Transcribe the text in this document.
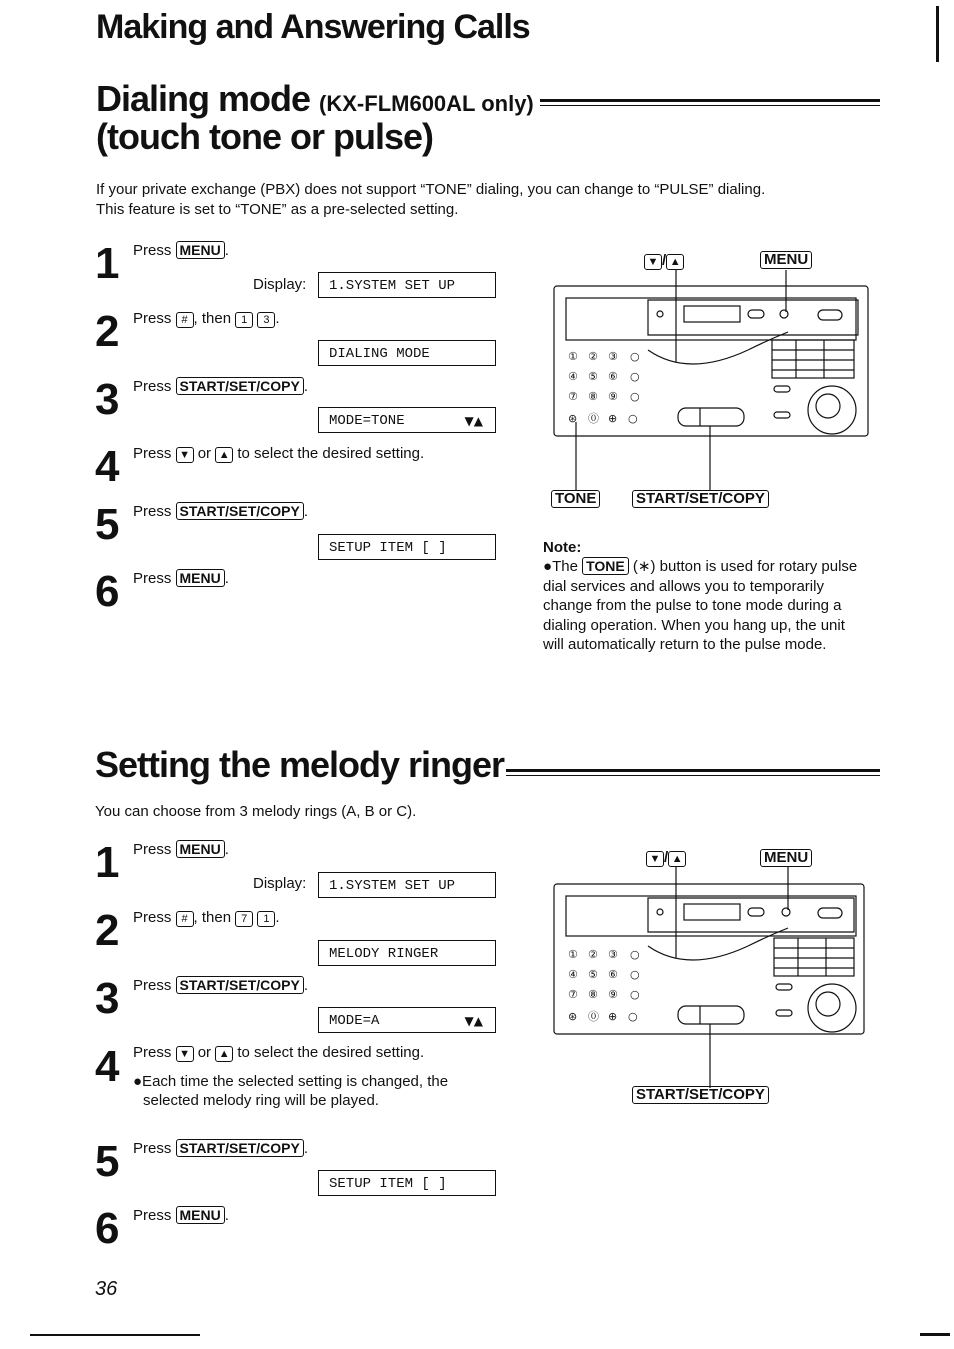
Making and Answering Calls
Dialing mode (KX-FLM600AL only)
(touch tone or pulse)
If your private exchange (PBX) does not support “TONE” dialing, you can change to “PULSE” dialing.
This feature is set to “TONE” as a pre-selected setting.
1 Press MENU .
Display:	1.SYSTEM SET UP
2 Press # , then 1 3 .
DIALING MODE
3 Press START/SET/COPY .
MODE=TONE	▼▲
4 Press ▼ or ▲ to select the desired setting.
5 Press START/SET/COPY .
SETUP ITEM [ ]
6 Press MENU .
▼ / ▲	MENU
① ② ③ ○
④ ⑤ ⑥ ○
⑦ ⑧ ⑨ ○
⊛ ⓪ ⊕ ○
TONE	START/SET/COPY
Note:
●The TONE (∗) button is used for rotary pulse dial services and allows you to temporarily change from the pulse to tone mode during a dialing operation. When you hang up, the unit will automatically return to the pulse mode.
Setting the melody ringer
You can choose from 3 melody rings (A, B or C).
1 Press MENU .
Display:	1.SYSTEM SET UP
2 Press # , then 7 1 .
MELODY RINGER
3 Press START/SET/COPY .
MODE=A	▼▲
4 Press ▼ or ▲ to select the desired setting.
●Each time the selected setting is changed, the
selected melody ring will be played.
5 Press START/SET/COPY .
SETUP ITEM [ ]
6 Press MENU .
▼ / ▲	MENU
① ② ③ ○
④ ⑤ ⑥ ○
⑦ ⑧ ⑨ ○
⊛ ⓪ ⊕ ○
START/SET/COPY
36
